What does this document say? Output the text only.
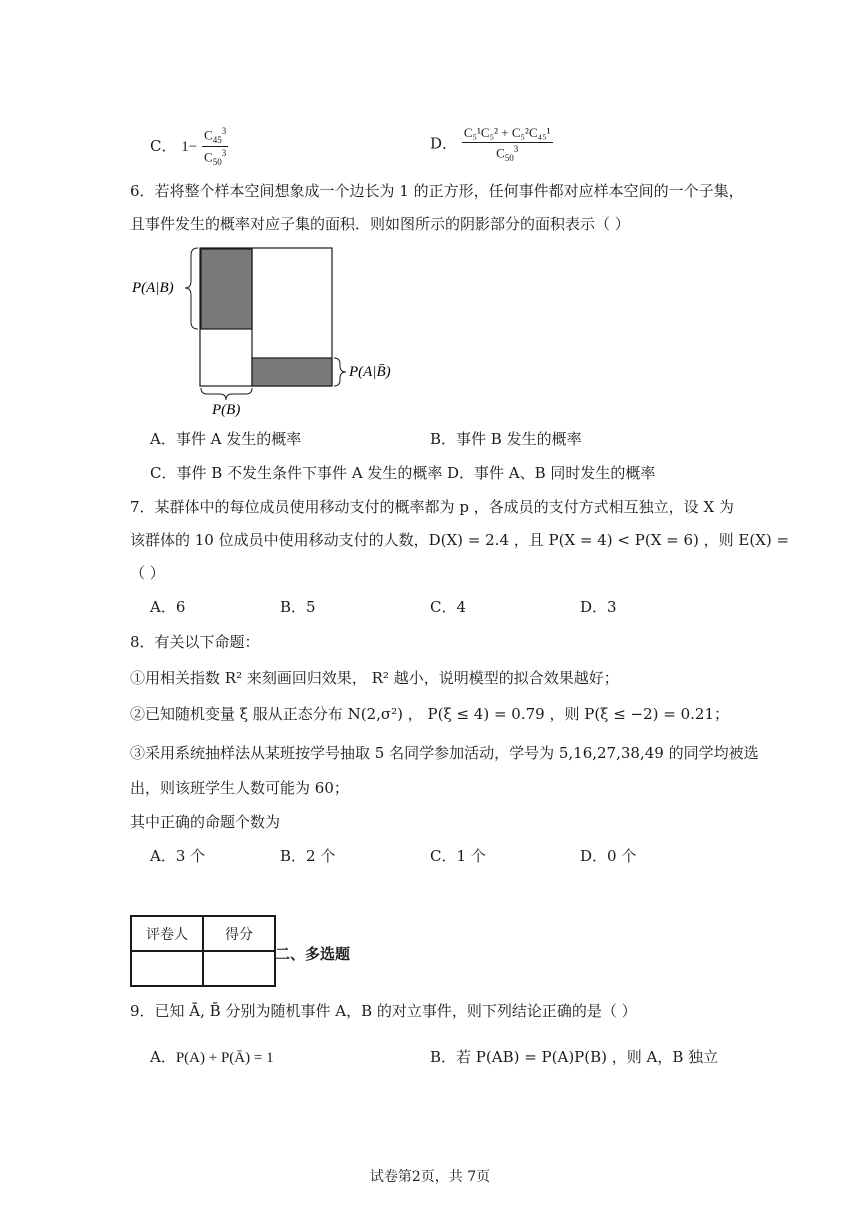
C． $1- \frac{C_{45}^3}{C_{50}^3}$	D． $\frac{\text{C₅¹C₅² + C₅²C₄₅¹}}{C_{50}^3}$
6．若将整个样本空间想象成一个边长为 1 的正方形，任何事件都对应样本空间的一个子集，
且事件发生的概率对应子集的面积．则如图所示的阴影部分的面积表示（ ）
P(A|B)
P(A|B̄)
P(B)
A．事件 A 发生的概率	B．事件 B 发生的概率
C．事件 B 不发生条件下事件 A 发生的概率 D．事件 A、B 同时发生的概率
7．某群体中的每位成员使用移动支付的概率都为 p ，各成员的支付方式相互独立，设 X 为
该群体的 10 位成员中使用移动支付的人数，D(X) = 2.4 ，且 P(X = 4) < P(X = 6) ，则 E(X) =
（ ）
A．6	B．5	C．4	D．3
8．有关以下命题：
①用相关指数 R² 来刻画回归效果， R² 越小，说明模型的拟合效果越好；
②已知随机变量 ξ 服从正态分布 N(2,σ²) ， P(ξ ≤ 4) = 0.79 ，则 P(ξ ≤ −2) = 0.21；
③采用系统抽样法从某班按学号抽取 5 名同学参加活动，学号为 5,16,27,38,49 的同学均被选
出，则该班学生人数可能为 60；
其中正确的命题个数为
A．3 个	B．2 个	C．1 个	D．0 个
评卷人	得分

二、多选题
9．已知 Ā, B̄ 分别为随机事件 A，B 的对立事件，则下列结论正确的是（ ）
A．P(A) + P(Ā) = 1	B．若 P(AB) = P(A)P(B) ，则 A，B 独立
试卷第2页，共 7页
